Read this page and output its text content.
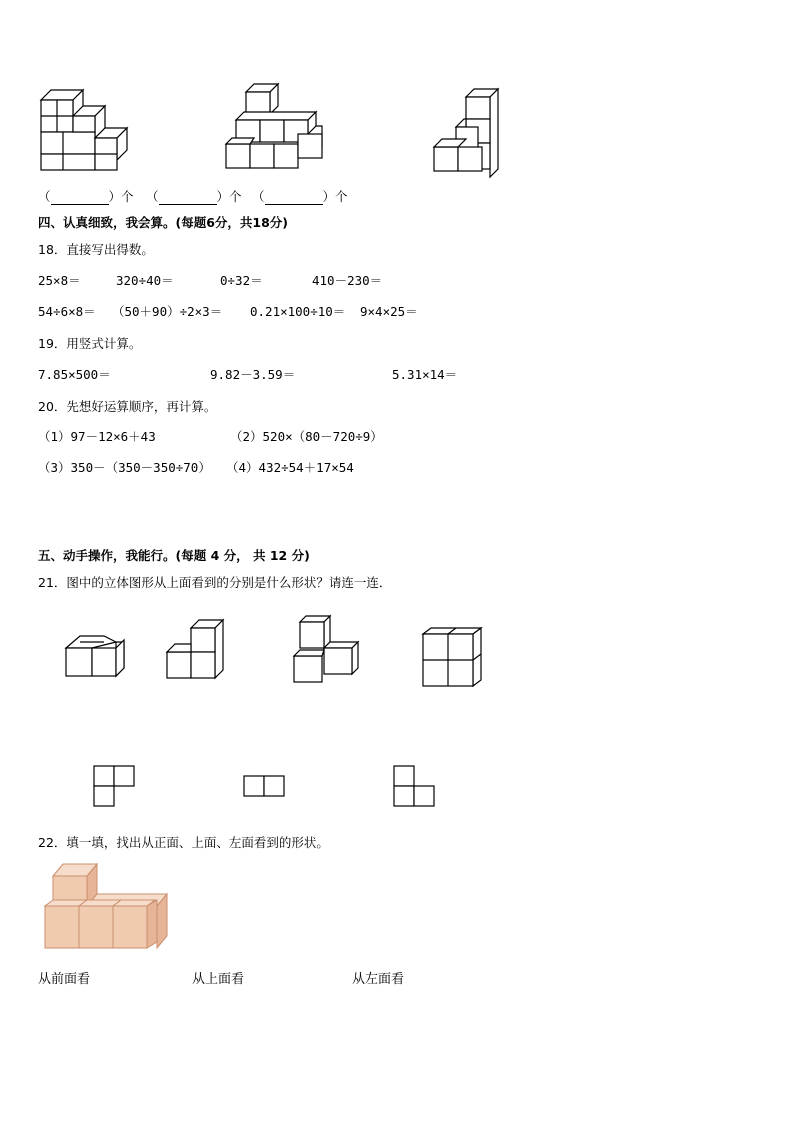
（	）个 （	）个 （	）个
四、认真细致，我会算。(每题6分，共18分)
18．直接写出得数。
25×8＝	320÷40＝	0÷32＝	410－230＝
54÷6×8＝ （50＋90）÷2×3＝ 0.21×100÷10＝ 9×4×25＝
19．用竖式计算。
7.85×500＝	9.82－3.59＝	5.31×14＝
20．先想好运算顺序，再计算。
（1）97－12×6＋43	（2）520×（80－720÷9）
（3）350－（350－350÷70） （4）432÷54＋17×54
五、动手操作，我能行。(每题 4 分， 共 12 分)
21．图中的立体图形从上面看到的分别是什么形状？请连一连．
22．填一填，找出从正面、上面、左面看到的形状。
从前面看	从上面看	从左面看
